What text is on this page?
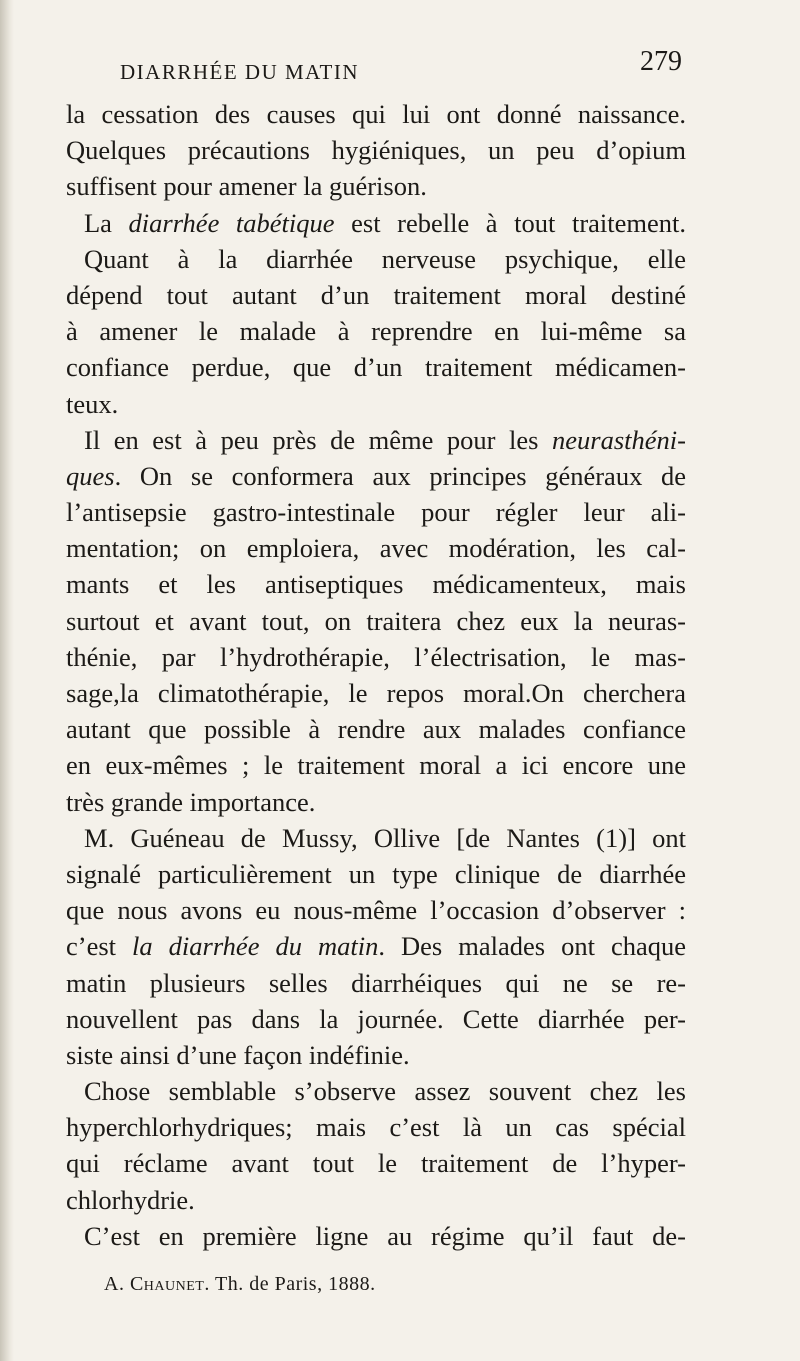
DIARRHÉE DU MATIN	279
la cessation des causes qui lui ont donné naissance.
Quelques précautions hygiéniques, un peu d’opium
suffisent pour amener la guérison.
La diarrhée tabétique est rebelle à tout traitement.
Quant à la diarrhée nerveuse psychique, elle
dépend tout autant d’un traitement moral destiné
à amener le malade à reprendre en lui-même sa
confiance perdue, que d’un traitement médicamen-
teux.
Il en est à peu près de même pour les neurasthéni-
ques. On se conformera aux principes généraux de
l’antisepsie gastro-intestinale pour régler leur ali-
mentation; on emploiera, avec modération, les cal-
mants et les antiseptiques médicamenteux, mais
surtout et avant tout, on traitera chez eux la neuras-
thénie, par l’hydrothérapie, l’électrisation, le mas-
sage,la climatothérapie, le repos moral.On cherchera
autant que possible à rendre aux malades confiance
en eux-mêmes ; le traitement moral a ici encore une
très grande importance.
M. Guéneau de Mussy, Ollive [de Nantes (1)] ont
signalé particulièrement un type clinique de diarrhée
que nous avons eu nous-même l’occasion d’observer :
c’est la diarrhée du matin. Des malades ont chaque
matin plusieurs selles diarrhéiques qui ne se re-
nouvellent pas dans la journée. Cette diarrhée per-
siste ainsi d’une façon indéfinie.
Chose semblable s’observe assez souvent chez les
hyperchlorhydriques; mais c’est là un cas spécial
qui réclame avant tout le traitement de l’hyper-
chlorhydrie.
C’est en première ligne au régime qu’il faut de-
A. Chaunet. Th. de Paris, 1888.
